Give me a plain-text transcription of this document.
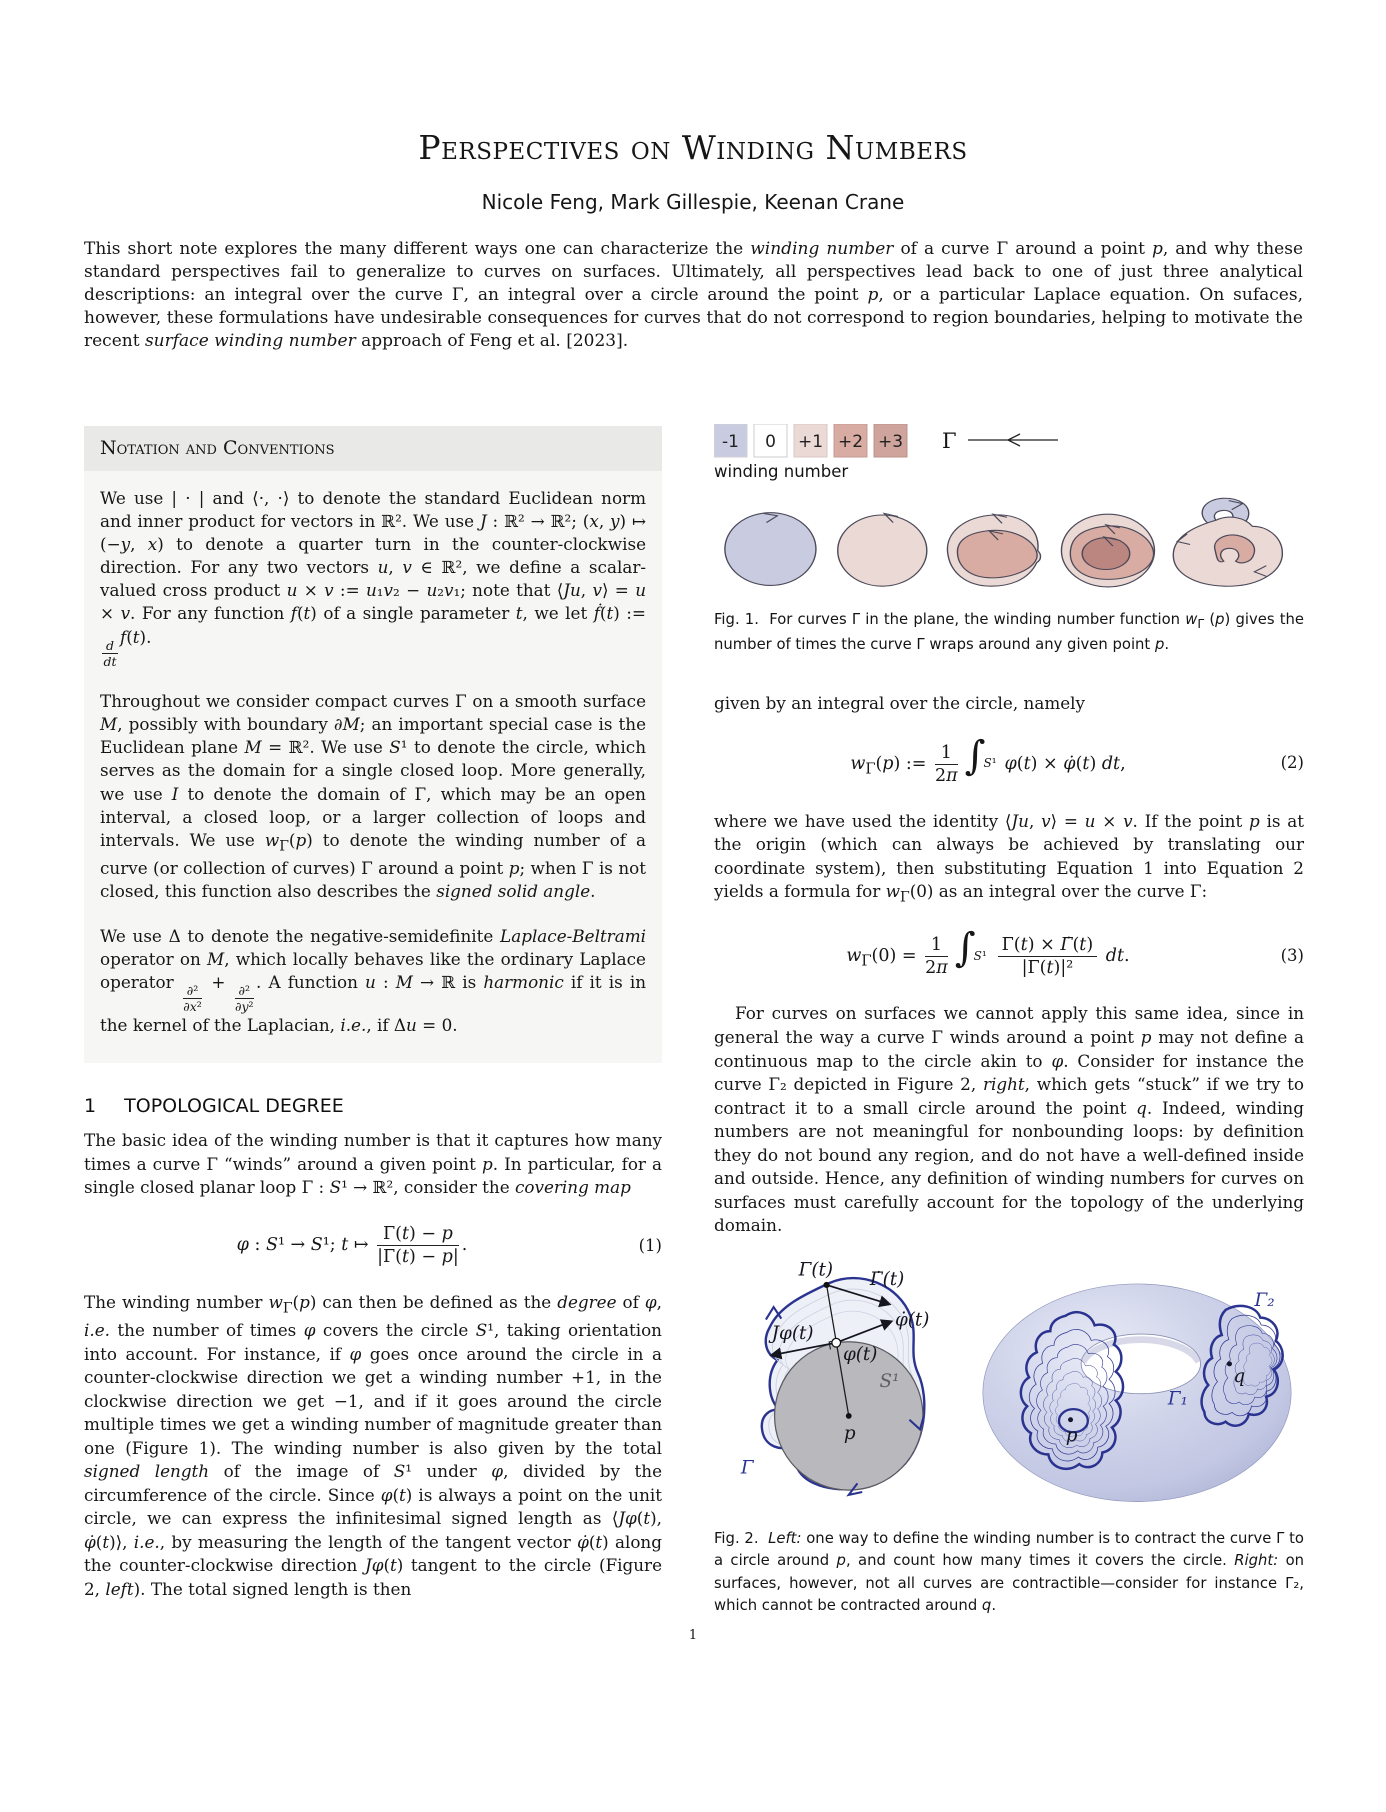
Perspectives on Winding Numbers
Nicole Feng, Mark Gillespie, Keenan Crane
This short note explores the many different ways one can characterize the winding number of a curve Γ around a point p, and why these standard perspectives fail to generalize to curves on surfaces. Ultimately, all perspectives lead back to one of just three analytical descriptions: an integral over the curve Γ, an integral over a circle around the point p, or a particular Laplace equation. On sufaces, however, these formulations have undesirable consequences for curves that do not correspond to region boundaries, helping to motivate the recent surface winding number approach of Feng et al. [2023].
Notation and Conventions

We use | · | and ⟨·, ·⟩ to denote the standard Euclidean norm and inner product for vectors in ℝ². We use J : ℝ² → ℝ²; (x, y) ↦ (−y, x) to denote a quarter turn in the counter-clockwise direction. For any two vectors u, v ∈ ℝ², we define a scalar-valued cross product u × v := u₁v₂ − u₂v₁; note that ⟨Ju, v⟩ = u × v. For any function f(t) of a single parameter t, we let ḟ(t) :=
$\frac{d}{dt}$
f(t).

Throughout we consider compact curves Γ on a smooth surface M, possibly with boundary ∂M; an important special case is the Euclidean plane M = ℝ². We use S¹ to denote the circle, which serves as the domain for a single closed loop. More generally, we use I to denote the domain of Γ, which may be an open interval, a closed loop, or a larger collection of loops and intervals. We use $w_\Gamma(p)$ to denote the winding number of a curve (or collection of curves) Γ around a point p; when Γ is not closed, this function also describes the signed solid angle.

We use Δ to denote the negative-semidefinite Laplace-Beltrami operator on M, which locally behaves like the ordinary Laplace operator
$\frac{\text{∂²}}{\text{∂x²}}$
+
$\frac{\text{∂²}}{\text{∂y²}}$
. A function u : M → ℝ is harmonic if it is in the kernel of the Laplacian, i.e., if Δu = 0.

1 TOPOLOGICAL DEGREE

The basic idea of the winding number is that it captures how many times a curve Γ “winds” around a given point p. In particular, for a single closed planar loop Γ : S¹ → ℝ², consider the covering map

φ : S¹ → S¹; t ↦ $\frac{\Gamma(t) - p}{|\Gamma(t) - p|}$ .	(1)

The winding number $w_\Gamma(p)$ can then be defined as the degree of φ, i.e. the number of times φ covers the circle S¹, taking orientation into account. For instance, if φ goes once around the circle in a counter-clockwise direction we get a winding number +1, in the clockwise direction we get −1, and if it goes around the circle multiple times we get a winding number of magnitude greater than one (Figure 1). The winding number is also given by the total signed length of the image of S¹ under φ, divided by the circumference of the circle. Since φ(t) is always a point on the unit circle, we can express the infinitesimal signed length as ⟨Jφ(t), φ̇(t)⟩, i.e., by measuring the length of the tangent vector φ̇(t) along the counter-clockwise direction Jφ(t) tangent to the circle (Figure 2, left). The total signed length is then

-1 0 +1 +2 +3
winding number
Γ

Fig. 1.  For curves Γ in the plane, the winding number function $w_\Gamma$ (p) gives the number of times the curve Γ wraps around any given point p.

given by an integral over the circle, namely

$w_\Gamma(p)$ := $\frac{1}{2\pi}$ ∫
S¹ φ(t) × φ̇(t) dt,	(2)

where we have used the identity ⟨Ju, v⟩ = u × v. If the point p is at the origin (which can always be achieved by translating our coordinate system), then substituting Equation 1 into Equation 2 yields a formula for $w_\Gamma(0)$ as an integral over the curve Γ:

$w_\Gamma(0) = \frac{1}{2\pi}$ ∫
$S^1 \frac{\Gamma(t) \times \Gammȧ(t)}{\text{|Γ(t)|²}}$ dt.	(3)

For curves on surfaces we cannot apply this same idea, since in general the way a curve Γ winds around a point p may not define a continuous map to the circle akin to φ. Consider for instance the curve Γ₂ depicted in Figure 2, right, which gets “stuck” if we try to contract it to a small circle around the point q. Indeed, winding numbers are not meaningful for nonbounding loops: by definition they do not bound any region, and do not have a well-defined inside and outside. Hence, any definition of winding numbers for curves on surfaces must carefully account for the topology of the underlying domain.

Γ(t) Γ̇(t)
Jφ(t)
φ̇(t)
φ(t)
S¹
p
Γ
p
q
Γ₁
Γ₂
Fig. 2.  Left: one way to define the winding number is to contract the curve Γ to a circle around p, and count how many times it covers the circle. Right: on surfaces, however, not all curves are contractible—consider for instance Γ₂, which cannot be contracted around q.
1
